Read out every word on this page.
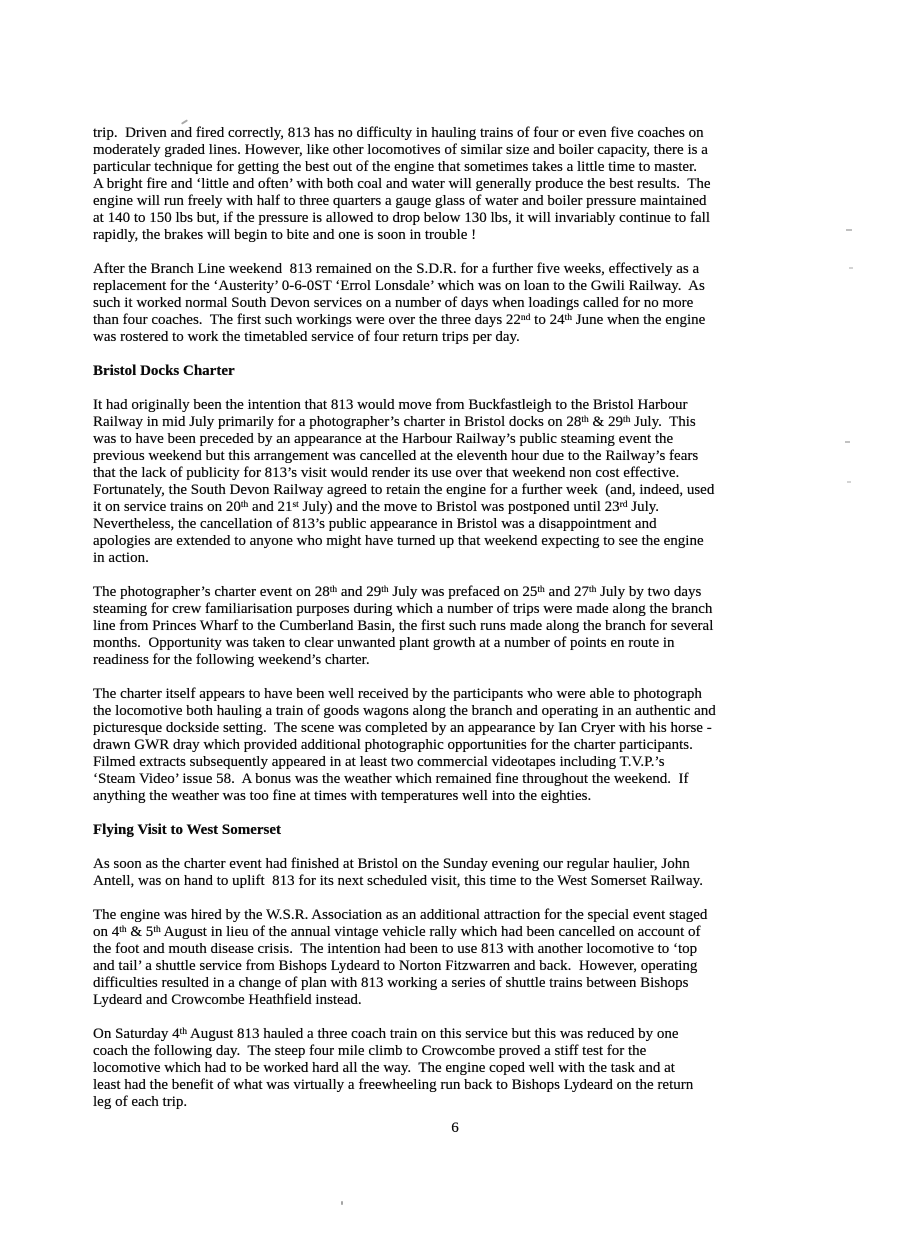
trip.  Driven and fired correctly, 813 has no difficulty in hauling trains of four or even five coaches on
moderately graded lines. However, like other locomotives of similar size and boiler capacity, there is a
particular technique for getting the best out of the engine that sometimes takes a little time to master.
A bright fire and ‘little and often’ with both coal and water will generally produce the best results.  The
engine will run freely with half to three quarters a gauge glass of water and boiler pressure maintained
at 140 to 150 lbs but, if the pressure is allowed to drop below 130 lbs, it will invariably continue to fall
rapidly, the brakes will begin to bite and one is soon in trouble !
After the Branch Line weekend  813 remained on the S.D.R. for a further five weeks, effectively as a
replacement for the ‘Austerity’ 0-6-0ST ‘Errol Lonsdale’ which was on loan to the Gwili Railway.  As
such it worked normal South Devon services on a number of days when loadings called for no more
than four coaches.  The first such workings were over the three days 22nd to 24th June when the engine
was rostered to work the timetabled service of four return trips per day.
Bristol Docks Charter
It had originally been the intention that 813 would move from Buckfastleigh to the Bristol Harbour
Railway in mid July primarily for a photographer’s charter in Bristol docks on 28th & 29th July.  This
was to have been preceded by an appearance at the Harbour Railway’s public steaming event the
previous weekend but this arrangement was cancelled at the eleventh hour due to the Railway’s fears
that the lack of publicity for 813’s visit would render its use over that weekend non cost effective.
Fortunately, the South Devon Railway agreed to retain the engine for a further week  (and, indeed, used
it on service trains on 20th and 21st July) and the move to Bristol was postponed until 23rd July.
Nevertheless, the cancellation of 813’s public appearance in Bristol was a disappointment and
apologies are extended to anyone who might have turned up that weekend expecting to see the engine
in action.
The photographer’s charter event on 28th and 29th July was prefaced on 25th and 27th July by two days
steaming for crew familiarisation purposes during which a number of trips were made along the branch
line from Princes Wharf to the Cumberland Basin, the first such runs made along the branch for several
months.  Opportunity was taken to clear unwanted plant growth at a number of points en route in
readiness for the following weekend’s charter.
The charter itself appears to have been well received by the participants who were able to photograph
the locomotive both hauling a train of goods wagons along the branch and operating in an authentic and
picturesque dockside setting.  The scene was completed by an appearance by Ian Cryer with his horse -
drawn GWR dray which provided additional photographic opportunities for the charter participants.
Filmed extracts subsequently appeared in at least two commercial videotapes including T.V.P.’s
‘Steam Video’ issue 58.  A bonus was the weather which remained fine throughout the weekend.  If
anything the weather was too fine at times with temperatures well into the eighties.
Flying Visit to West Somerset
As soon as the charter event had finished at Bristol on the Sunday evening our regular haulier, John
Antell, was on hand to uplift  813 for its next scheduled visit, this time to the West Somerset Railway.
The engine was hired by the W.S.R. Association as an additional attraction for the special event staged
on 4th & 5th August in lieu of the annual vintage vehicle rally which had been cancelled on account of
the foot and mouth disease crisis.  The intention had been to use 813 with another locomotive to ‘top
and tail’ a shuttle service from Bishops Lydeard to Norton Fitzwarren and back.  However, operating
difficulties resulted in a change of plan with 813 working a series of shuttle trains between Bishops
Lydeard and Crowcombe Heathfield instead.
On Saturday 4th August 813 hauled a three coach train on this service but this was reduced by one
coach the following day.  The steep four mile climb to Crowcombe proved a stiff test for the
locomotive which had to be worked hard all the way.  The engine coped well with the task and at
least had the benefit of what was virtually a freewheeling run back to Bishops Lydeard on the return
leg of each trip.
6
